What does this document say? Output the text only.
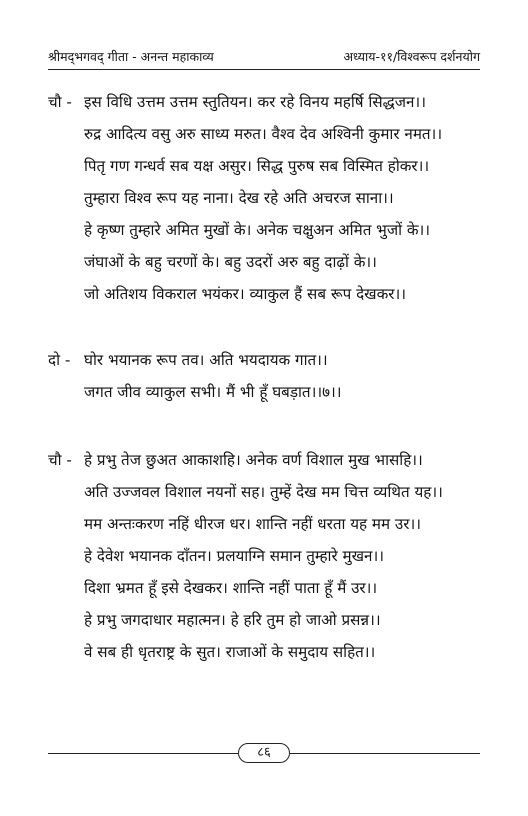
श्रीमद्‌भगवद् गीता - अनन्त महाकाव्य	अध्याय-११/विश्वरूप दर्शनयोग
चौ - इस विधि उत्तम उत्तम स्तुतियन। कर रहे विनय महर्षि सिद्धजन।।
रुद्र आदित्य वसु अरु साध्य मरुत। वैश्व देव अश्विनी कुमार नमत।।
पितृ गण गन्धर्व सब यक्ष असुर। सिद्ध पुरुष सब विस्मित होकर।।
तुम्हारा विश्व रूप यह नाना। देख रहे अति अचरज साना।।
हे कृष्ण तुम्हारे अमित मुखों के। अनेक चक्षुअन अमित भुजों के।।
जंघाओं के बहु चरणों के। बहु उदरों अरु बहु दाढ़ों के।।
जो अतिशय विकराल भयंकर। व्याकुल हैं सब रूप देखकर।।
दो - घोर भयानक रूप तव। अति भयदायक गात।।
जगत जीव व्याकुल सभी। मैं भी हूँ घबड़ात।।७।।
चौ - हे प्रभु तेज छुअत आकाशहि। अनेक वर्ण विशाल मुख भासहि।।
अति उज्जवल विशाल नयनों सह। तुम्हें देख मम चित्त व्यथित यह।।
मम अन्तःकरण नहिं धीरज धर। शान्ति नहीं धरता यह मम उर।।
हे देवेश भयानक दाँतन। प्रलयाग्नि समान तुम्हारे मुखन।।
दिशा भ्रमत हूँ इसे देखकर। शान्ति नहीं पाता हूँ मैं उर।।
हे प्रभु जगदाधार महात्मन। हे हरि तुम हो जाओ प्रसन्न।।
वे सब ही धृतराष्ट्र के सुत। राजाओं के समुदाय सहित।।
८६
